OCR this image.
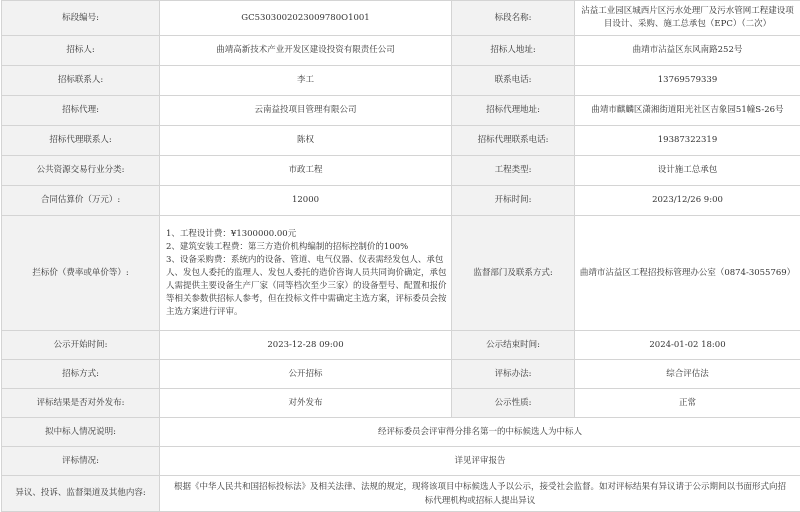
标段编号:	GC5303002023009780O1001	标段名称:	沾益工业园区城西片区污水处理厂及污水管网工程建设项目设计、采购、施工总承包（EPC）（二次）
招标人:	曲靖高新技术产业开发区建设投资有限责任公司	招标人地址:	曲靖市沾益区东风南路252号
招标联系人:	李工	联系电话:	13769579339
招标代理:	云南益投项目管理有限公司	招标代理地址:	曲靖市麒麟区潇湘街道阳光社区吉象园51幢S-26号
招标代理联系人:	陈权	招标代理联系电话:	19387322319
公共资源交易行业分类:	市政工程	工程类型:	设计施工总承包
合同估算价（万元）:	12000	开标时间:	2023/12/26 9:00
拦标价（费率或单价等）:	1、工程设计费：¥1300000.00元
2、建筑安装工程费：第三方造价机构编制的招标控制价的100%
3、设备采购费：系统内的设备、管道、电气仪器、仪表需经发包人、承包人、发包人委托的监理人、发包人委托的造价咨询人员共同询价确定，承包人需提供主要设备生产厂家（同等档次至少三家）的设备型号、配置和报价等相关参数供招标人参考，但在投标文件中需确定主选方案，评标委员会按主选方案进行评审。	监督部门及联系方式:	曲靖市沾益区工程招投标管理办公室（0874-3055769）
公示开始时间:	2023-12-28 09:00	公示结束时间:	2024-01-02 18:00
招标方式:	公开招标	评标办法:	综合评估法
评标结果是否对外发布:	对外发布	公示性质:	正常
拟中标人情况说明:	经评标委员会评审得分排名第一的中标候选人为中标人		
评标情况:	详见评审报告		
异议、投诉、监督渠道及其他内容:	根据《中华人民共和国招标投标法》及相关法律、法规的规定，现将该项目中标候选人予以公示，接受社会监督。如对评标结果有异议请于公示期间以书面形式向招标代理机构或招标人提出异议		
